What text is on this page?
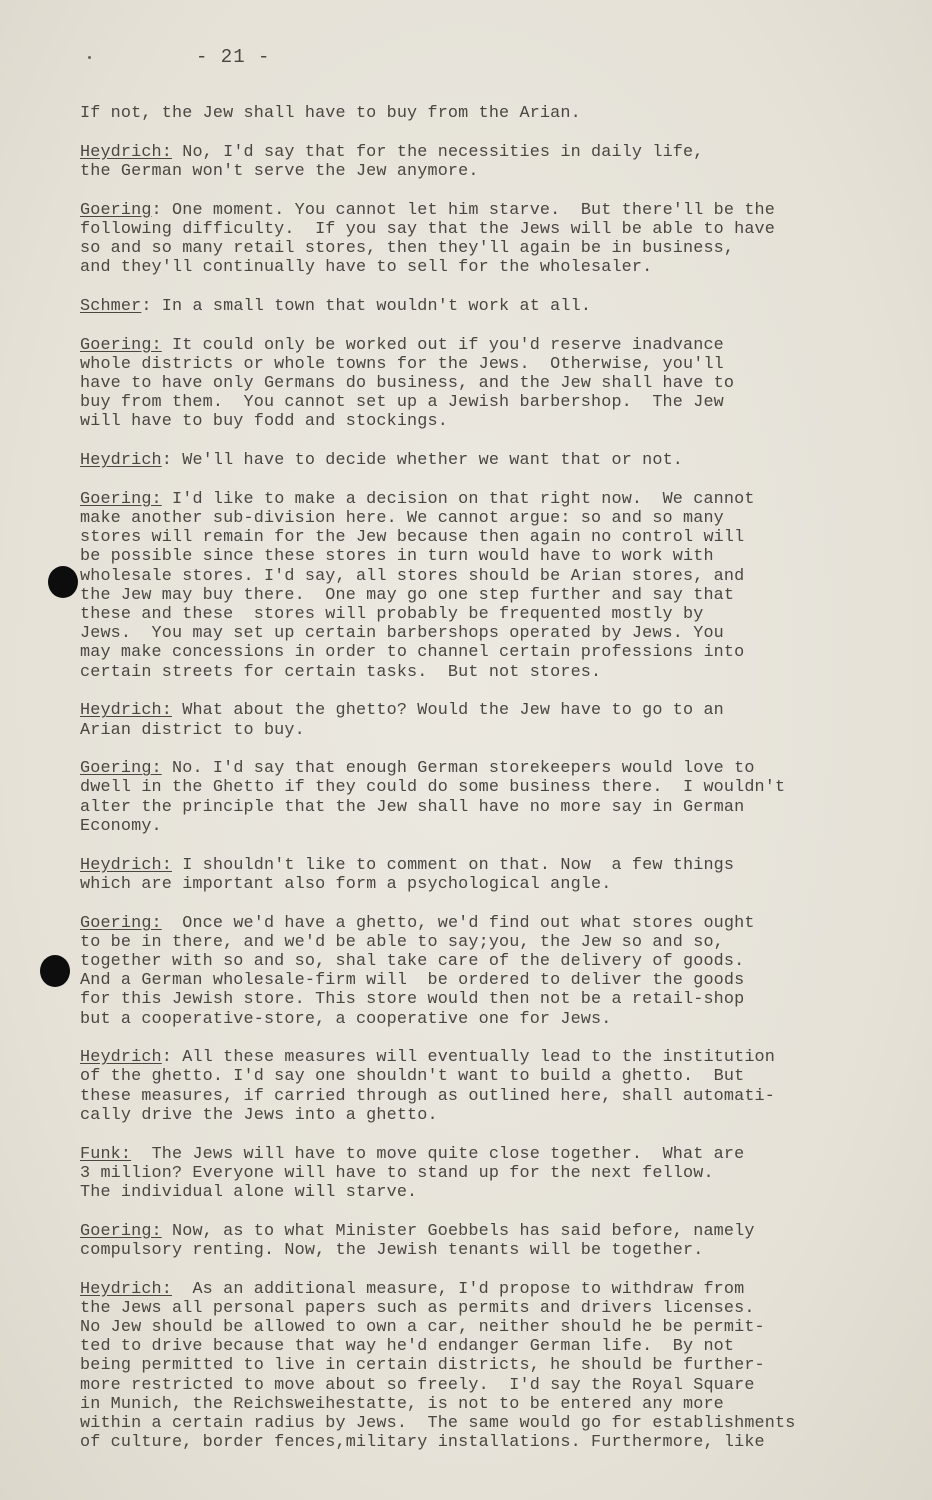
- 21 -
If not, the Jew shall have to buy from the Arian.
Heydrich: No, I'd say that for the necessities in daily life,
the German won't serve the Jew anymore.
Goering: One moment. You cannot let him starve.  But there'll be the
following difficulty.  If you say that the Jews will be able to have
so and so many retail stores, then they'll again be in business,
and they'll continually have to sell for the wholesaler.
Schmer: In a small town that wouldn't work at all.
Goering: It could only be worked out if you'd reserve inadvance
whole districts or whole towns for the Jews.  Otherwise, you'll
have to have only Germans do business, and the Jew shall have to
buy from them.  You cannot set up a Jewish barbershop.  The Jew
will have to buy fodd and stockings.
Heydrich: We'll have to decide whether we want that or not.
Goering: I'd like to make a decision on that right now.  We cannot
make another sub-division here. We cannot argue: so and so many
stores will remain for the Jew because then again no control will
be possible since these stores in turn would have to work with
wholesale stores. I'd say, all stores should be Arian stores, and
the Jew may buy there.  One may go one step further and say that
these and these  stores will probably be frequented mostly by
Jews.  You may set up certain barbershops operated by Jews. You
may make concessions in order to channel certain professions into
certain streets for certain tasks.  But not stores.
Heydrich: What about the ghetto? Would the Jew have to go to an
Arian district to buy.
Goering: No. I'd say that enough German storekeepers would love to
dwell in the Ghetto if they could do some business there.  I wouldn't
alter the principle that the Jew shall have no more say in German
Economy.
Heydrich: I shouldn't like to comment on that. Now  a few things
which are important also form a psychological angle.
Goering: Once we'd have a ghetto, we'd find out what stores ought
to be in there, and we'd be able to say;you, the Jew so and so,
together with so and so, shal take care of the delivery of goods.
And a German wholesale-firm will  be ordered to deliver the goods
for this Jewish store. This store would then not be a retail-shop
but a cooperative-store, a cooperative one for Jews.
Heydrich: All these measures will eventually lead to the institution
of the ghetto. I'd say one shouldn't want to build a ghetto.  But
these measures, if carried through as outlined here, shall automati-
cally drive the Jews into a ghetto.
Funk: The Jews will have to move quite close together.  What are
3 million? Everyone will have to stand up for the next fellow.
The individual alone will starve.
Goering: Now, as to what Minister Goebbels has said before, namely
compulsory renting. Now, the Jewish tenants will be together.
Heydrich: As an additional measure, I'd propose to withdraw from
the Jews all personal papers such as permits and drivers licenses.
No Jew should be allowed to own a car, neither should he be permit-
ted to drive because that way he'd endanger German life.  By not
being permitted to live in certain districts, he should be further-
more restricted to move about so freely.  I'd say the Royal Square
in Munich, the Reichsweihestatte, is not to be entered any more
within a certain radius by Jews.  The same would go for establishments
of culture, border fences,military installations. Furthermore, like
